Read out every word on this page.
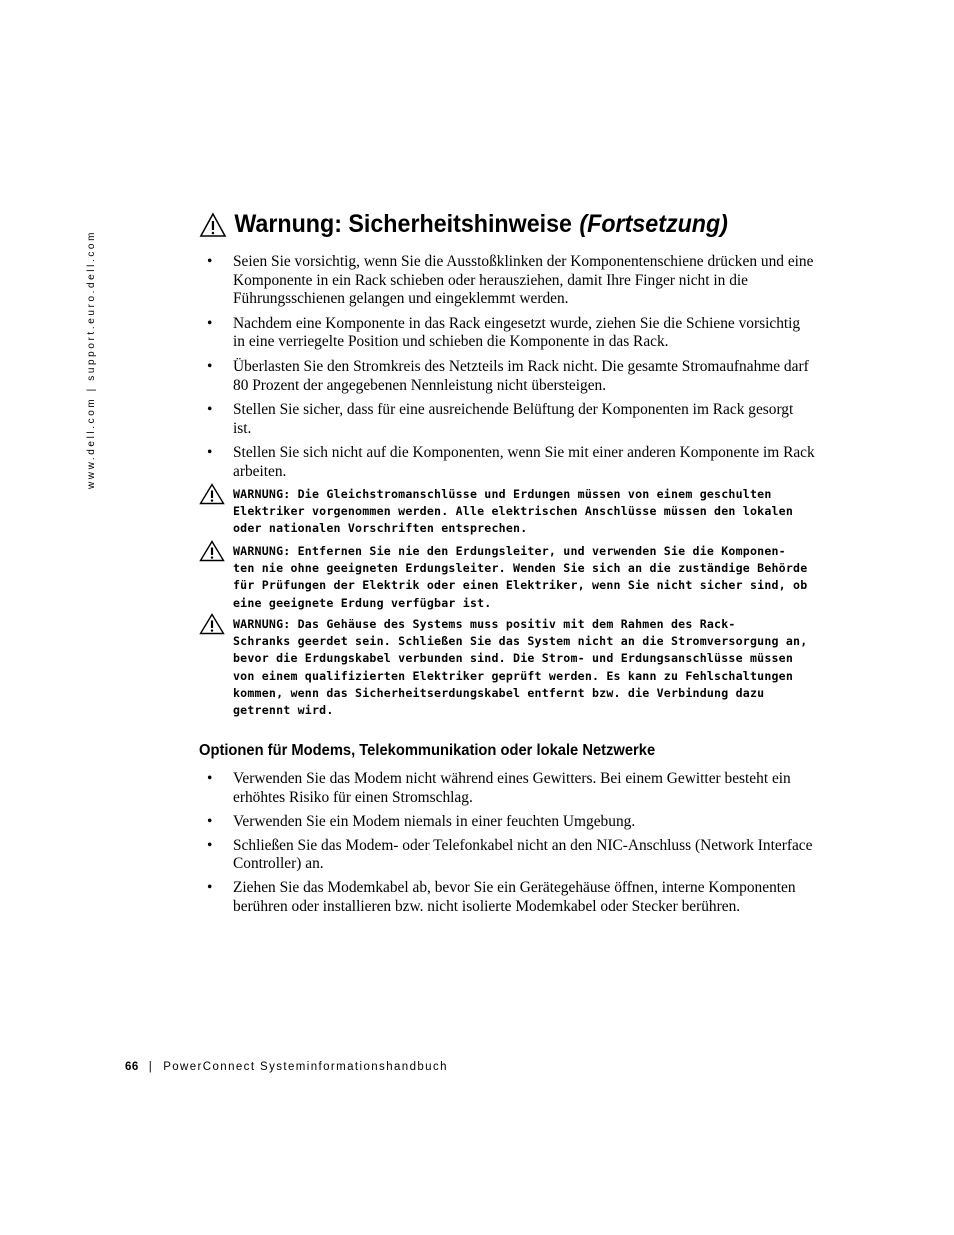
www.dell.com | support.euro.dell.com
Warnung: Sicherheitshinweise (Fortsetzung)
• Seien Sie vorsichtig, wenn Sie die Ausstoßklinken der Komponentenschiene drücken und eine Komponente in ein Rack schieben oder herausziehen, damit Ihre Finger nicht in die Führungsschienen gelangen und eingeklemmt werden.
• Nachdem eine Komponente in das Rack eingesetzt wurde, ziehen Sie die Schiene vorsichtig in eine verriegelte Position und schieben die Komponente in das Rack.
• Überlasten Sie den Stromkreis des Netzteils im Rack nicht. Die gesamte Stromaufnahme darf 80 Prozent der angegebenen Nennleistung nicht übersteigen.
• Stellen Sie sicher, dass für eine ausreichende Belüftung der Komponenten im Rack gesorgt ist.
• Stellen Sie sich nicht auf die Komponenten, wenn Sie mit einer anderen Komponente im Rack arbeiten.

WARNUNG: Die Gleichstromanschlüsse und Erdungen müssen von einem geschulten
Elektriker vorgenommen werden. Alle elektrischen Anschlüsse müssen den lokalen
oder nationalen Vorschriften entsprechen.

WARNUNG: Entfernen Sie nie den Erdungsleiter, und verwenden Sie die Komponen-
ten nie ohne geeigneten Erdungsleiter. Wenden Sie sich an die zuständige Behörde
für Prüfungen der Elektrik oder einen Elektriker, wenn Sie nicht sicher sind, ob
eine geeignete Erdung verfügbar ist.

WARNUNG: Das Gehäuse des Systems muss positiv mit dem Rahmen des Rack-
Schranks geerdet sein. Schließen Sie das System nicht an die Stromversorgung an,
bevor die Erdungskabel verbunden sind. Die Strom- und Erdungsanschlüsse müssen
von einem qualifizierten Elektriker geprüft werden. Es kann zu Fehlschaltungen
kommen, wenn das Sicherheitserdungskabel entfernt bzw. die Verbindung dazu
getrennt wird.

Optionen für Modems, Telekommunikation oder lokale Netzwerke
• Verwenden Sie das Modem nicht während eines Gewitters. Bei einem Gewitter besteht ein erhöhtes Risiko für einen Stromschlag.
• Verwenden Sie ein Modem niemals in einer feuchten Umgebung.
• Schließen Sie das Modem- oder Telefonkabel nicht an den NIC-Anschluss (Network Interface Controller) an.
• Ziehen Sie das Modemkabel ab, bevor Sie ein Gerätegehäuse öffnen, interne Komponenten berühren oder installieren bzw. nicht isolierte Modemkabel oder Stecker berühren.
66 | PowerConnect Systeminformationshandbuch
